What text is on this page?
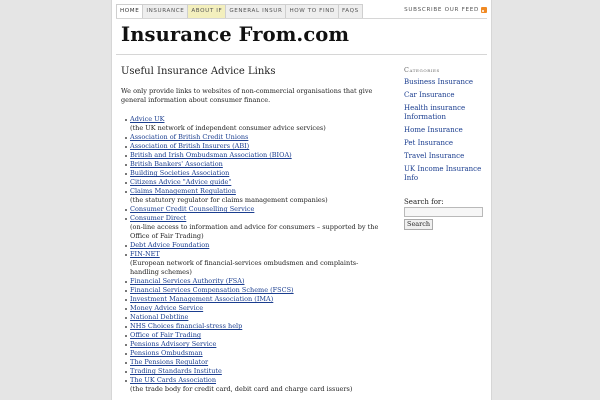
HOME	INSURANCE	ABOUT IF	GENERAL INSUR	HOW TO FIND	FAQS	SUBSCRIBE OUR FEED
Insurance From.com
Useful Insurance Advice Links

We only provide links to websites of non-commercial organisations that give general information about consumer finance.

Advice UK
(the UK network of independent consumer advice services)
Association of British Credit Unions
Association of British Insurers (ABI)
British and Irish Ombudsman Association (BIOA)
British Bankers' Association
Building Societies Association
Citizens Advice "Advice guide"
Claims Management Regulation
(the statutory regulator for claims management companies)
Consumer Credit Counselling Service
Consumer Direct
(on-line access to information and advice for consumers – supported by the Office of Fair Trading)
Debt Advice Foundation
FIN-NET
(European network of financial-services ombudsmen and complaints-handling schemes)
Financial Services Authority (FSA)
Financial Services Compensation Scheme (FSCS)
Investment Management Association (IMA)
Money Advice Service
National Debtline
NHS Choices financial-stress help
Office of Fair Trading
Pensions Advisory Service
Pensions Ombudsman
The Pensions Regulator
Trading Standards Institute
The UK Cards Association
(the trade body for credit card, debit card and charge card issuers)
Categories
Business Insurance
Car Insurance
Health insurance Information
Home Insurance
Pet Insurance
Travel Insurance
UK Income Insurance Info
Search for:
Search
